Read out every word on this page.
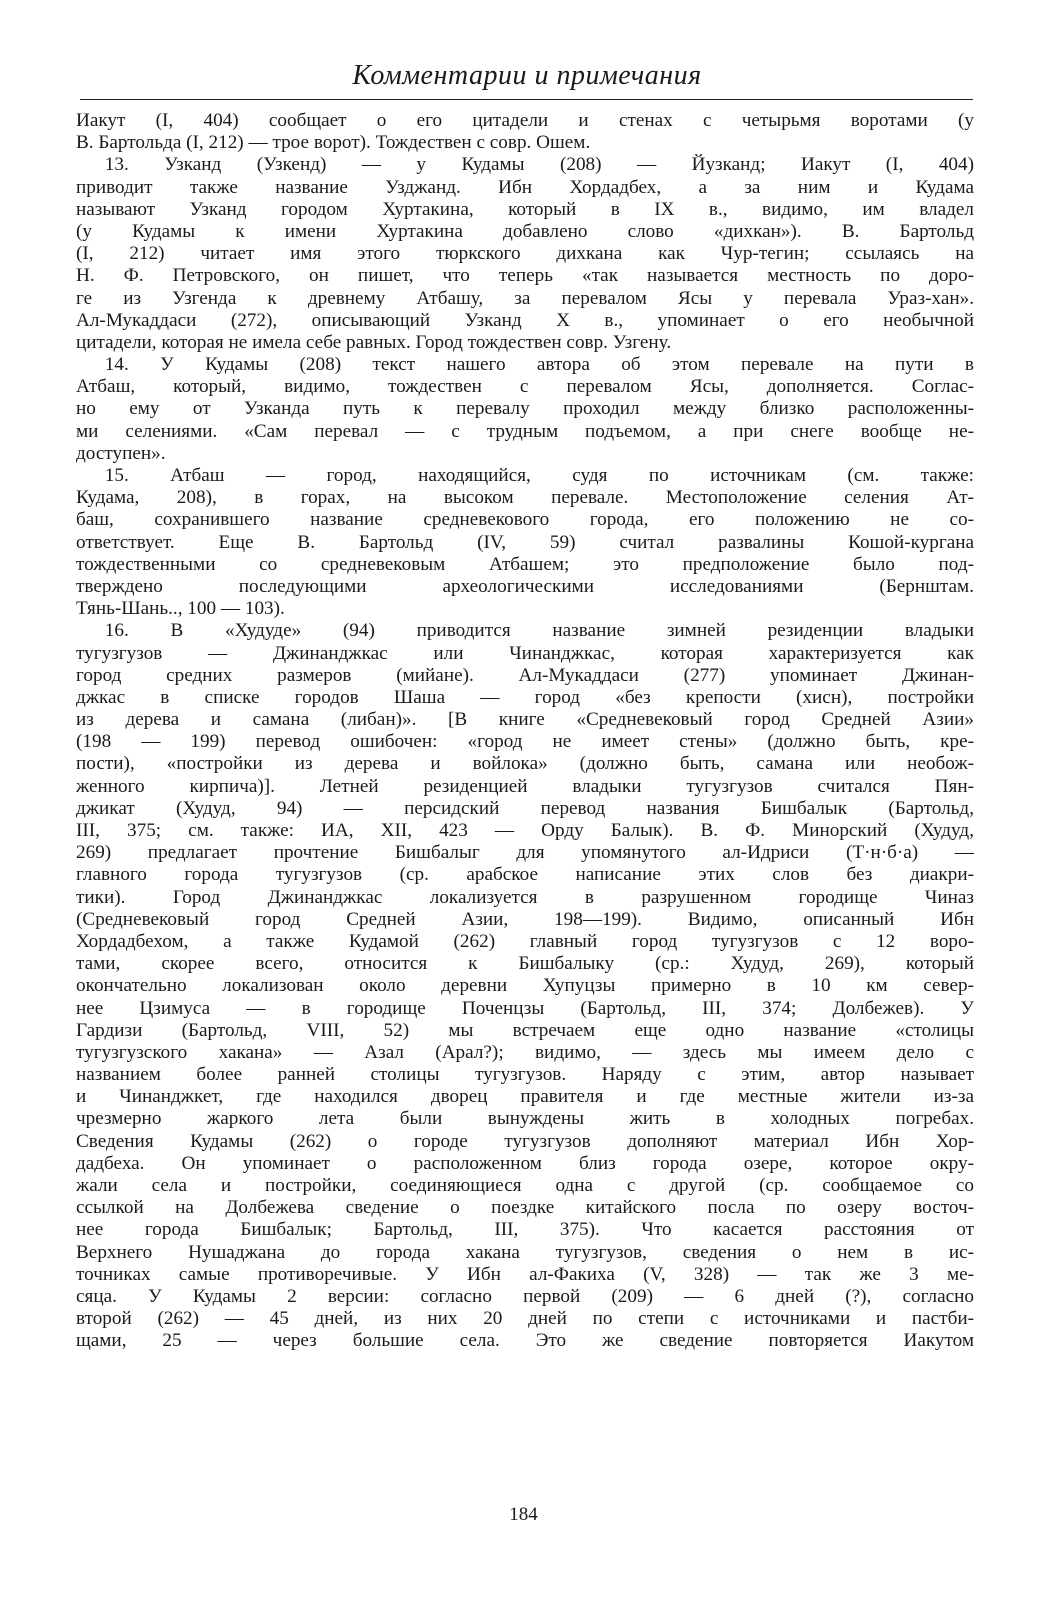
Комментарии и примечания
Иакут (I, 404) сообщает о его цитадели и стенах с четырьмя воротами (у
В. Бартольда (I, 212) — трое ворот). Тождествен с совр. Ошем.
13. Узканд (Узкенд) — у Кудамы (208) — Йузканд; Иакут (I, 404)
приводит также название Узджанд. Ибн Хордадбех, а за ним и Кудама
называют Узканд городом Хуртакина, который в IX в., видимо, им владел
(у Кудамы к имени Хуртакина добавлено слово «дихкан»). В. Бартольд
(I, 212) читает имя этого тюркского дихкана как Чур-тегин; ссылаясь на
Н. Ф. Петровского, он пишет, что теперь «так называется местность по доро-
ге из Узгенда к древнему Атбашу, за перевалом Ясы у перевала Ураз-хан».
Ал-Мукаддаси (272), описывающий Узканд X в., упоминает о его необычной
цитадели, которая не имела себе равных. Город тождествен совр. Узгену.
14. У Кудамы (208) текст нашего автора об этом перевале на пути в
Атбаш, который, видимо, тождествен с перевалом Ясы, дополняется. Соглас-
но ему от Узканда путь к перевалу проходил между близко расположенны-
ми селениями. «Сам перевал — с трудным подъемом, а при снеге вообще не-
доступен».
15. Атбаш — город, находящийся, судя по источникам (см. также:
Кудама, 208), в горах, на высоком перевале. Местоположение селения Ат-
баш, сохранившего название средневекового города, его положению не со-
ответствует. Еще В. Бартольд (IV, 59) считал развалины Кошой-кургана
тождественными со средневековым Атбашем; это предположение было под-
тверждено последующими археологическими исследованиями (Бернштам.
Тянь-Шань.., 100 — 103).
16. В «Худуде» (94) приводится название зимней резиденции владыки
тугузгузов — Джинанджкас или Чинанджкас, которая характеризуется как
город средних размеров (мийане). Ал-Мукаддаси (277) упоминает Джинан-
джкас в списке городов Шаша — город «без крепости (хисн), постройки
из дерева и самана (либан)». [В книге «Средневековый город Средней Азии»
(198 — 199) перевод ошибочен: «город не имеет стены» (должно быть, кре-
пости), «постройки из дерева и войлока» (должно быть, самана или необож-
женного кирпича)]. Летней резиденцией владыки тугузгузов считался Пян-
джикат (Худуд, 94) — персидский перевод названия Бишбалык (Бартольд,
III, 375; см. также: ИА, XII, 423 — Орду Балык). В. Ф. Минорский (Худуд,
269) предлагает прочтение Бишбалыг для упомянутого ал-Идриси (Т·н·б·а) —
главного города тугузгузов (ср. арабское написание этих слов без диакри-
тики). Город Джинанджкас локализуется в разрушенном городище Чиназ
(Средневековый город Средней Азии, 198—199). Видимо, описанный Ибн
Хордадбехом, а также Кудамой (262) главный город тугузгузов с 12 воро-
тами, скорее всего, относится к Бишбалыку (ср.: Худуд, 269), который
окончательно локализован около деревни Хупуцзы примерно в 10 км север-
нее Цзимуса — в городище Поченцзы (Бартольд, III, 374; Долбежев). У
Гардизи (Бартольд, VIII, 52) мы встречаем еще одно название «столицы
тугузгузского хакана» — Азал (Арал?); видимо, — здесь мы имеем дело с
названием более ранней столицы тугузгузов. Наряду с этим, автор называет
и Чинанджкет, где находился дворец правителя и где местные жители из-за
чрезмерно жаркого лета были вынуждены жить в холодных погребах.
Сведения Кудамы (262) о городе тугузгузов дополняют материал Ибн Хор-
дадбеха. Он упоминает о расположенном близ города озере, которое окру-
жали села и постройки, соединяющиеся одна с другой (ср. сообщаемое со
ссылкой на Долбежева сведение о поездке китайского посла по озеру восточ-
нее города Бишбалык; Бартольд, III, 375). Что касается расстояния от
Верхнего Нушаджана до города хакана тугузгузов, сведения о нем в ис-
точниках самые противоречивые. У Ибн ал-Факиха (V, 328) — так же 3 ме-
сяца. У Кудамы 2 версии: согласно первой (209) — 6 дней (?), согласно
второй (262) — 45 дней, из них 20 дней по степи с источниками и пастби-
щами, 25 — через большие села. Это же сведение повторяется Иакутом
184
